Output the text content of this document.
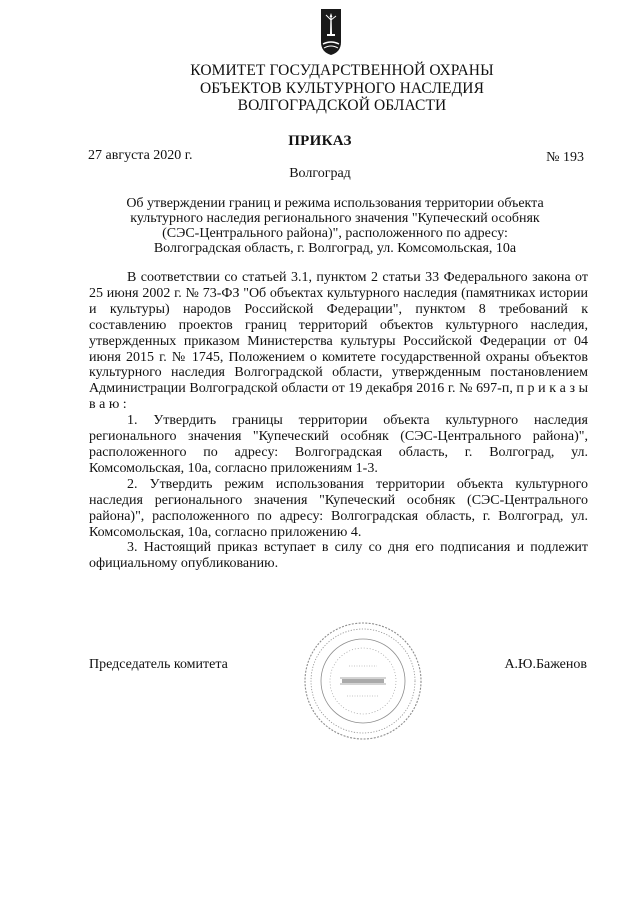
КОМИТЕТ ГОСУДАРСТВЕННОЙ ОХРАНЫ
ОБЪЕКТОВ КУЛЬТУРНОГО НАСЛЕДИЯ
ВОЛГОГРАДСКОЙ ОБЛАСТИ
ПРИКАЗ
27 августа 2020 г.	№ 193
Волгоград
Об утверждении границ и режима использования территории объекта
культурного наследия регионального значения "Купеческий особняк
(СЭС-Центрального района)", расположенного по адресу:
Волгоградская область, г. Волгоград, ул. Комсомольская, 10а

В соответствии со статьей 3.1, пунктом 2 статьи 33 Федерального закона от 25 июня 2002 г. № 73-ФЗ "Об объектах культурного наследия (памятниках истории и культуры) народов Российской Федерации", пунктом 8 требований к составлению проектов границ территорий объектов культурного наследия, утвержденных приказом Министерства культуры Российской Федерации от 04 июня 2015 г. № 1745, Положением о комитете государственной охраны объектов культурного наследия Волгоградской области, утвержденным постановлением Администрации Волгоградской области от 19 декабря 2016 г. № 697-п, п р и к а з ы в а ю :

1. Утвердить границы территории объекта культурного наследия регионального значения "Купеческий особняк (СЭС-Центрального района)", расположенного по адресу: Волгоградская область, г. Волгоград, ул. Комсомольская, 10а, согласно приложениям 1-3.

2. Утвердить режим использования территории объекта культурного наследия регионального значения "Купеческий особняк (СЭС-Центрального района)", расположенного по адресу: Волгоградская область, г. Волгоград, ул. Комсомольская, 10а, согласно приложению 4.

3. Настоящий приказ вступает в силу со дня его подписания и подлежит официальному опубликованию.

Председатель комитета	А.Ю.Баженов
